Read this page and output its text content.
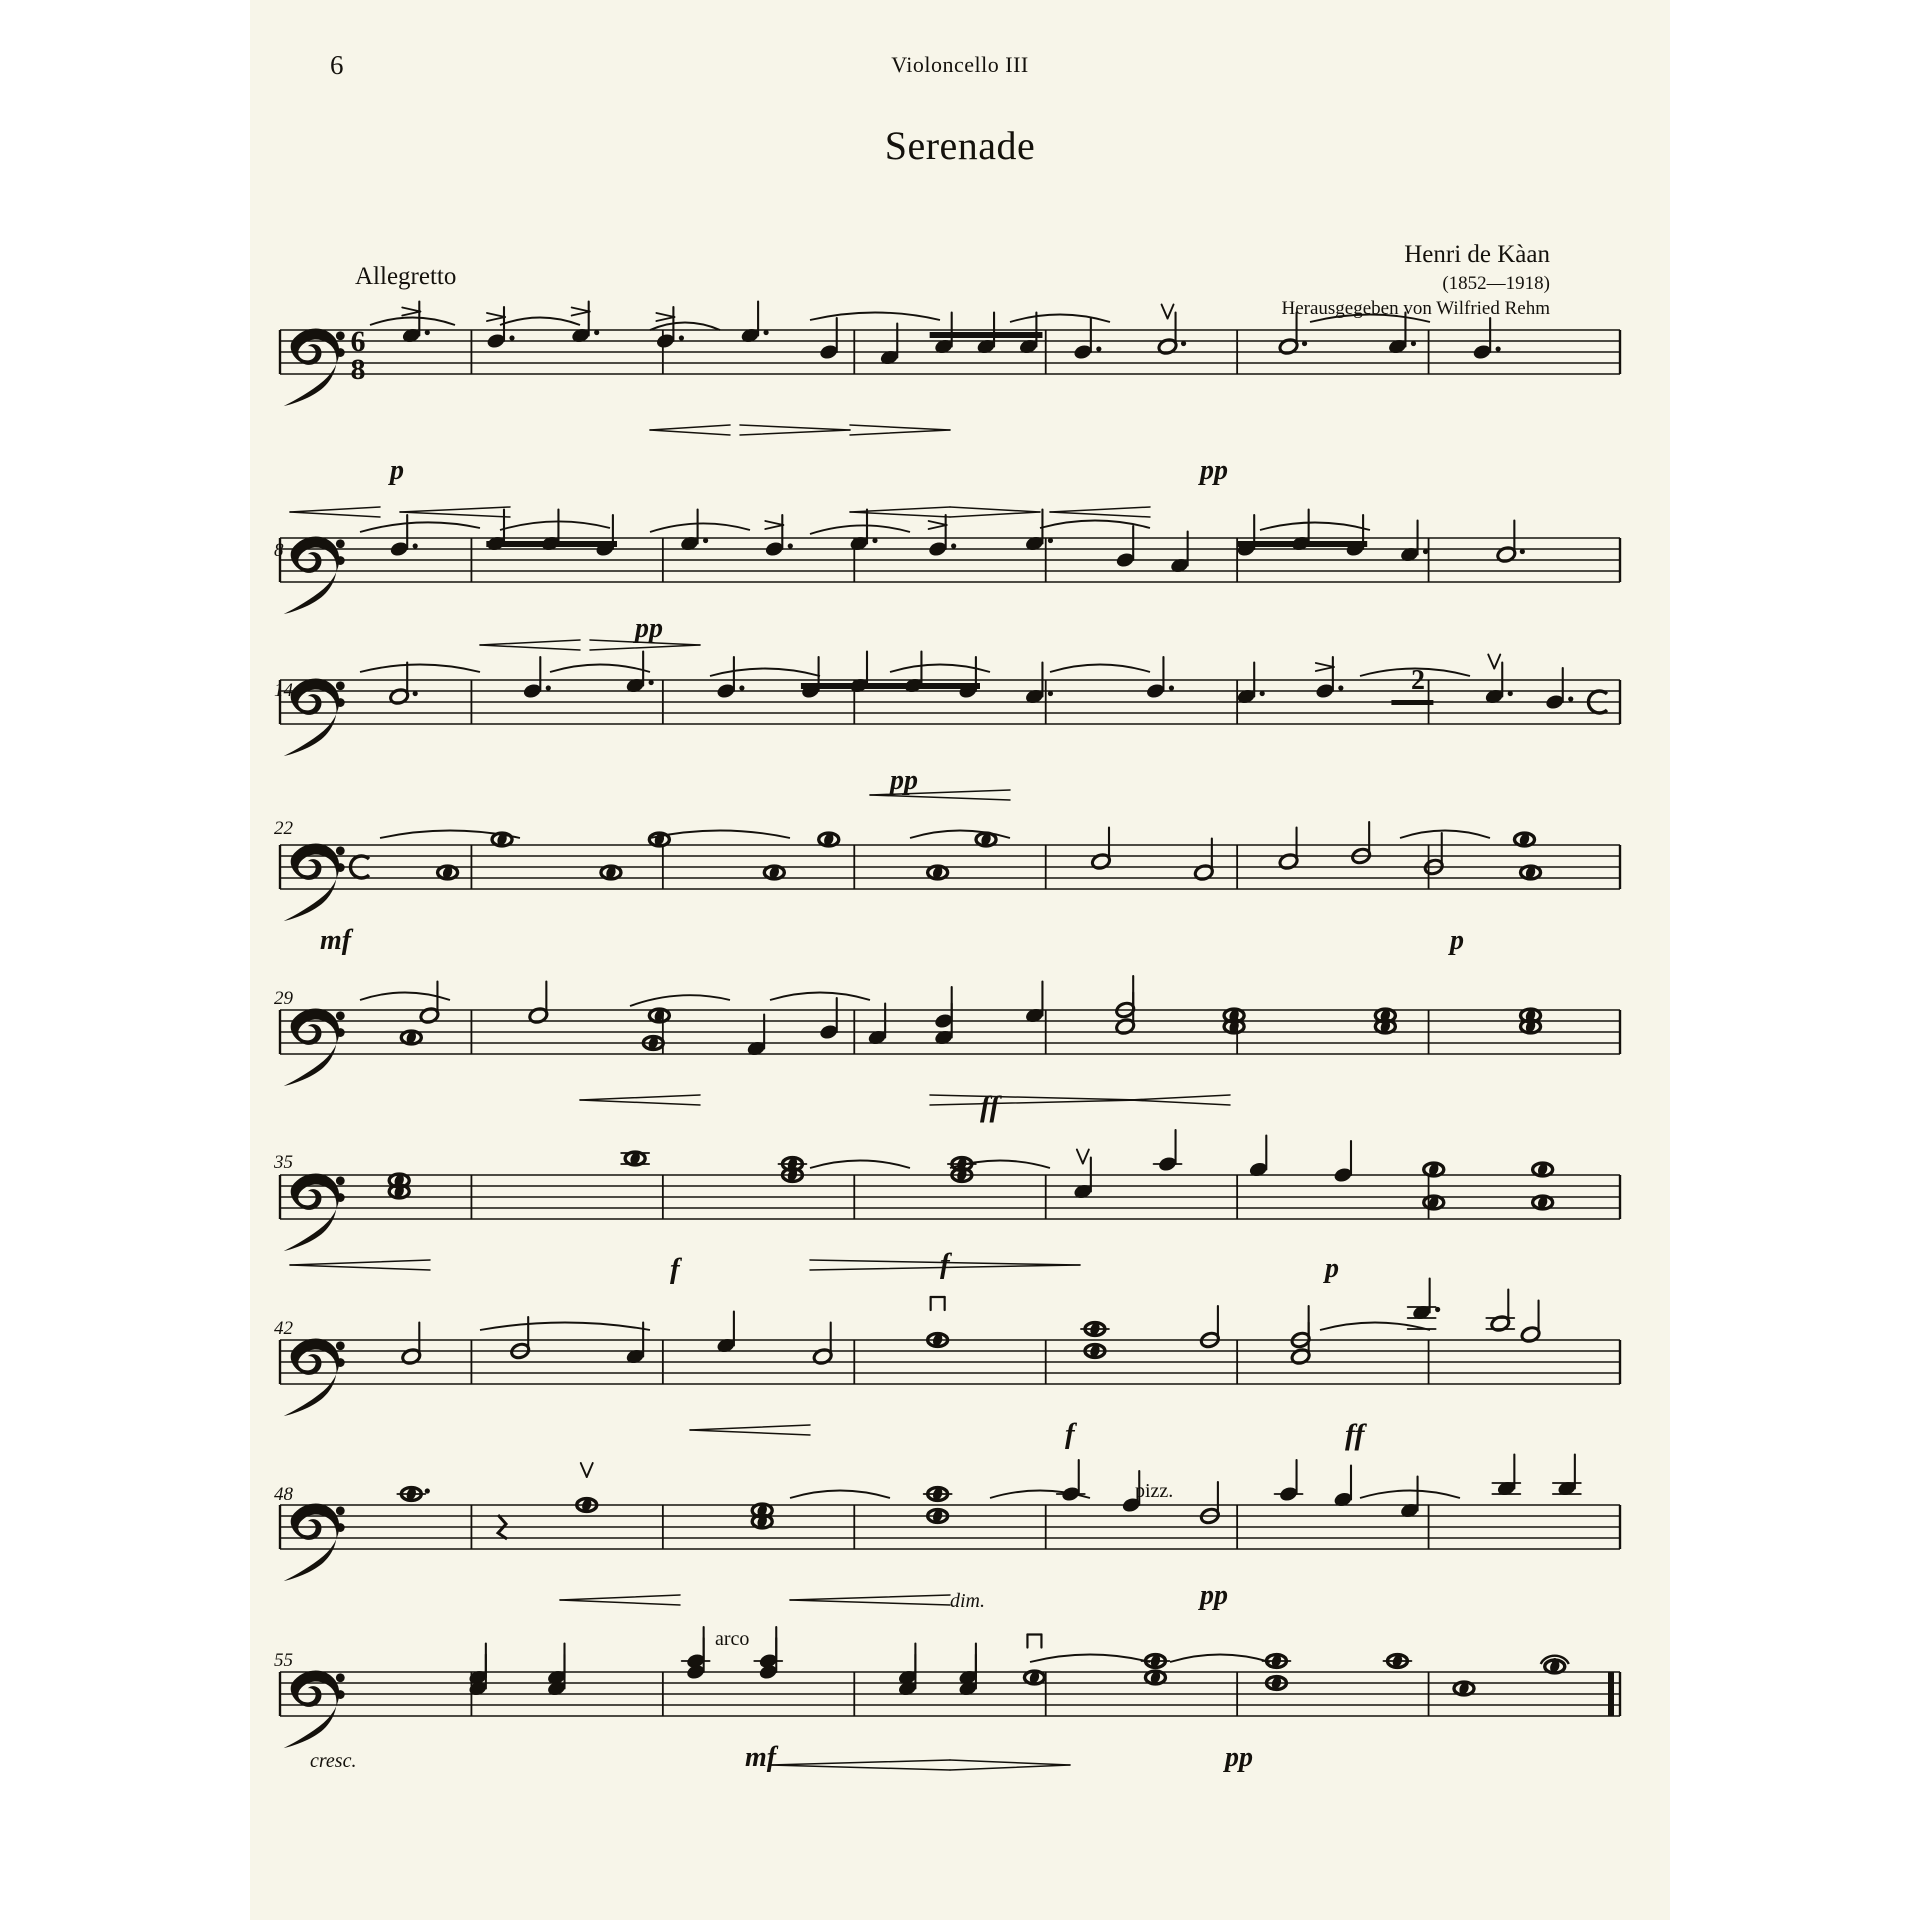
6	Violoncello III
Serenade
Henri de Kàan
(1852—1918)
Herausgegeben von Wilfried Rehm
Allegretto
6
8
2
8
14
22
29
35
42
48
55
p	pp
pp
pp
mf	p
ff
f	f	p
f	ff
dim.	pp
pizz.
cresc.	mf	pp
arco
